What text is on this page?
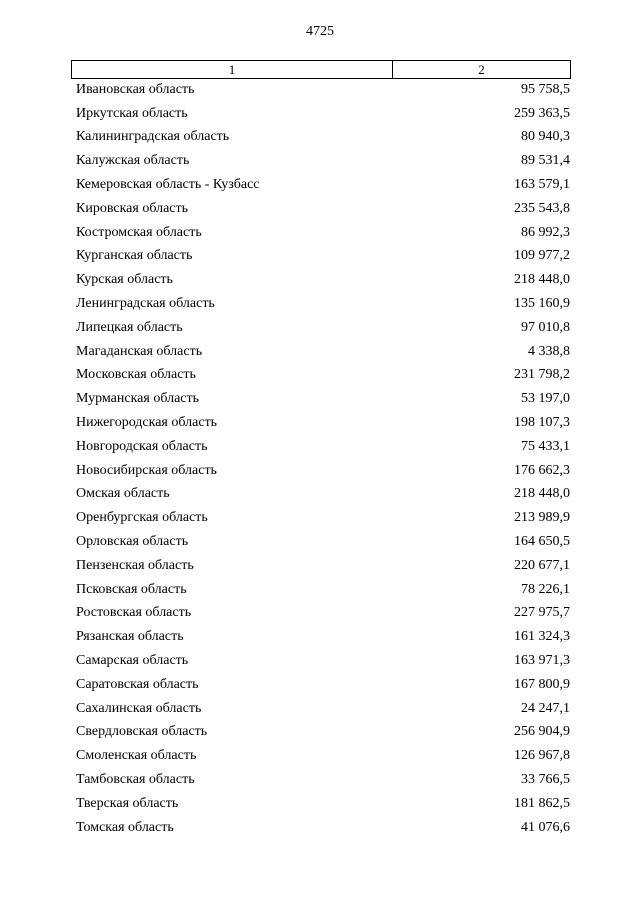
4725
1	2
Ивановская область	95 758,5
Иркутская область	259 363,5
Калининградская область	80 940,3
Калужская область	89 531,4
Кемеровская область - Кузбасс	163 579,1
Кировская область	235 543,8
Костромская область	86 992,3
Курганская область	109 977,2
Курская область	218 448,0
Ленинградская область	135 160,9
Липецкая область	97 010,8
Магаданская область	4 338,8
Московская область	231 798,2
Мурманская область	53 197,0
Нижегородская область	198 107,3
Новгородская область	75 433,1
Новосибирская область	176 662,3
Омская область	218 448,0
Оренбургская область	213 989,9
Орловская область	164 650,5
Пензенская область	220 677,1
Псковская область	78 226,1
Ростовская область	227 975,7
Рязанская область	161 324,3
Самарская область	163 971,3
Саратовская область	167 800,9
Сахалинская область	24 247,1
Свердловская область	256 904,9
Смоленская область	126 967,8
Тамбовская область	33 766,5
Тверская область	181 862,5
Томская область	41 076,6
